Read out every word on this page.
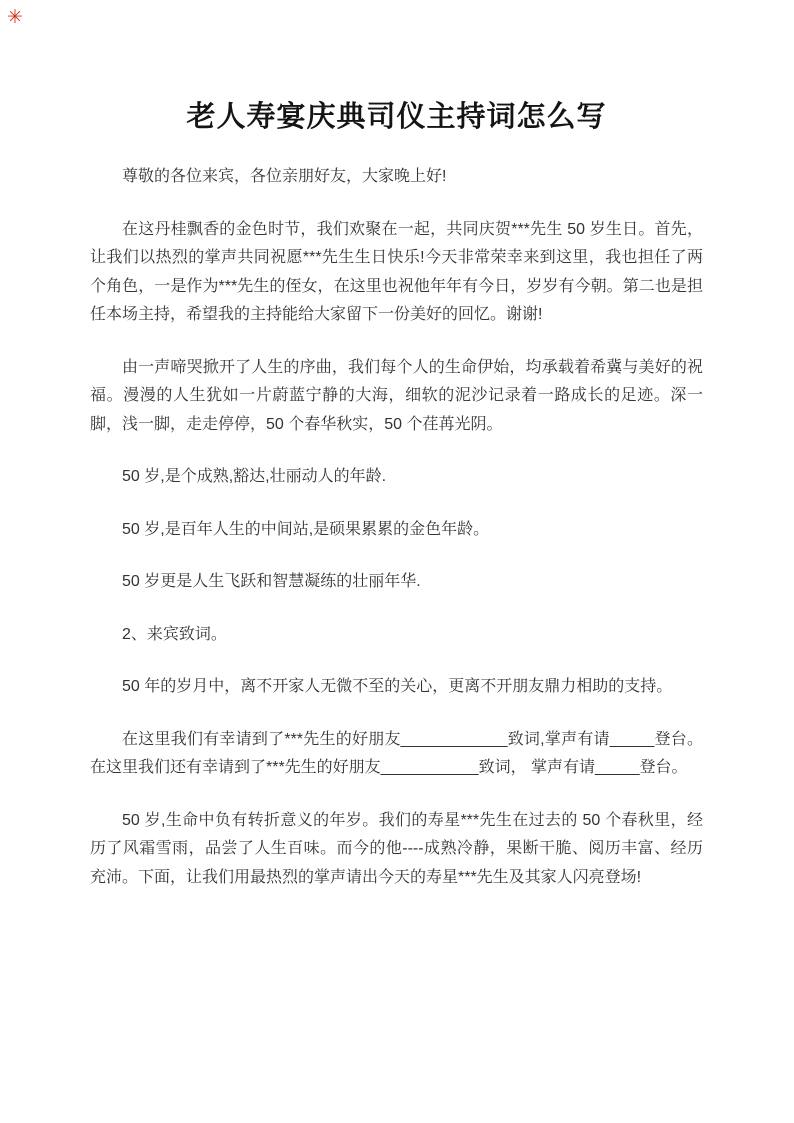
✳
老人寿宴庆典司仪主持词怎么写

尊敬的各位来宾，各位亲朋好友，大家晚上好!

在这丹桂飘香的金色时节，我们欢聚在一起，共同庆贺***先生 50 岁生日。首先，让我们以热烈的掌声共同祝愿***先生生日快乐!今天非常荣幸来到这里，我也担任了两个角色，一是作为***先生的侄女，在这里也祝他年年有今日，岁岁有今朝。第二也是担任本场主持，希望我的主持能给大家留下一份美好的回忆。谢谢!

由一声啼哭掀开了人生的序曲，我们每个人的生命伊始，均承载着希冀与美好的祝福。漫漫的人生犹如一片蔚蓝宁静的大海，细软的泥沙记录着一路成长的足迹。深一脚，浅一脚，走走停停，50 个春华秋实，50 个荏苒光阴。

50 岁,是个成熟,豁达,壮丽动人的年龄.

50 岁,是百年人生的中间站,是硕果累累的金色年龄。

50 岁更是人生飞跃和智慧凝练的壮丽年华.

2、来宾致词。

50 年的岁月中，离不开家人无微不至的关心，更离不开朋友鼎力相助的支持。

在这里我们有幸请到了***先生的好朋友____________致词,掌声有请_____登台。在这里我们还有幸请到了***先生的好朋友___________致词， 掌声有请_____登台。

50 岁,生命中负有转折意义的年岁。我们的寿星***先生在过去的 50 个春秋里，经历了风霜雪雨，品尝了人生百味。而今的他----成熟冷静，果断干脆、阅历丰富、经历充沛。下面，让我们用最热烈的掌声请出今天的寿星***先生及其家人闪亮登场!
